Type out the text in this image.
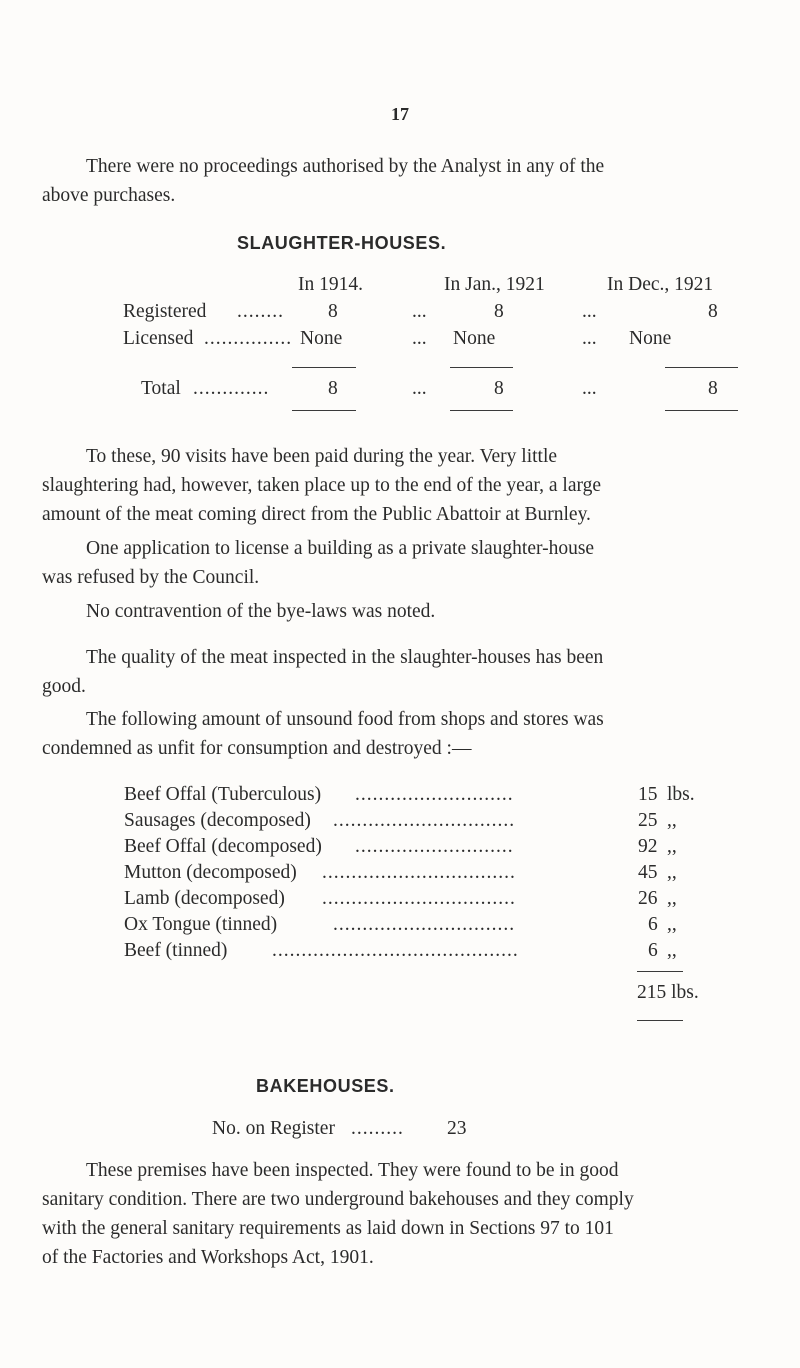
17
There were no proceedings authorised by the Analyst in any of the
above purchases.
SLAUGHTER-HOUSES.
In 1914.	In Jan., 1921	In Dec., 1921
Registered ........ 8	...	8	...	8
Licensed ............... None	... None	... None
Total .............	8	...	8	...	8
To these, 90 visits have been paid during the year. Very little
slaughtering had, however, taken place up to the end of the year, a large
amount of the meat coming direct from the Public Abattoir at Burnley.
One application to license a building as a private slaughter-house
was refused by the Council.
No contravention of the bye-laws was noted.
The quality of the meat inspected in the slaughter-houses has been
good.
The following amount of unsound food from shops and stores was
condemned as unfit for consumption and destroyed :—
Beef Offal (Tuberculous) ...........................	15 lbs.
Sausages (decomposed) ...............................	25 ,,
Beef Offal (decomposed) ...........................	92 ,,
Mutton (decomposed) .................................	45 ,,
Lamb (decomposed) .................................	26 ,,
Ox Tongue (tinned)	...............................	6 ,,
Beef (tinned) ..........................................	6 ,,
215 lbs.
BAKEHOUSES.
No. on Register ......... 23
These premises have been inspected. They were found to be in good
sanitary condition. There are two underground bakehouses and they comply
with the general sanitary requirements as laid down in Sections 97 to 101
of the Factories and Workshops Act, 1901.
